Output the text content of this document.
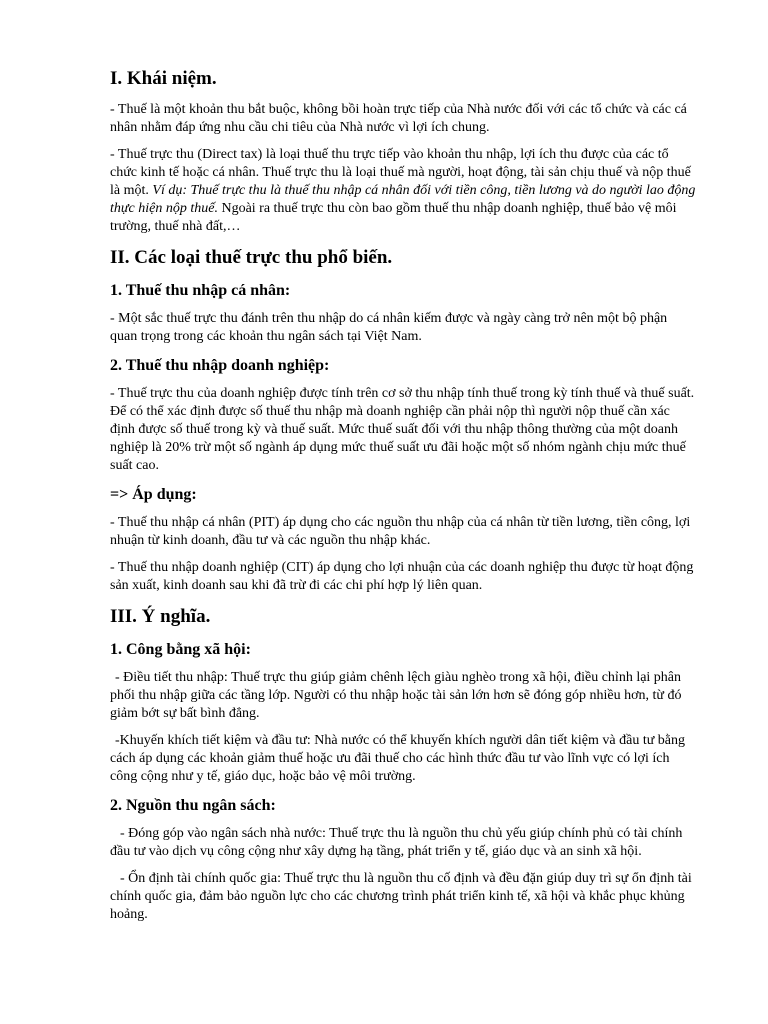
I. Khái niệm.

- Thuế là một khoản thu bắt buộc, không bồi hoàn trực tiếp của Nhà nước đối với các tổ chức và các cá nhân nhằm đáp ứng nhu cầu chi tiêu của Nhà nước vì lợi ích chung.

- Thuế trực thu (Direct tax) là loại thuế thu trực tiếp vào khoản thu nhập, lợi ích thu được của các tổ chức kinh tế hoặc cá nhân. Thuế trực thu là loại thuế mà người, hoạt động, tài sản chịu thuế và nộp thuế là một. Ví dụ: Thuế trực thu là thuế thu nhập cá nhân đối với tiền công, tiền lương và do người lao động thực hiện nộp thuế. Ngoài ra thuế trực thu còn bao gồm thuế thu nhập doanh nghiệp, thuế bảo vệ môi trường, thuế nhà đất,…

II. Các loại thuế trực thu phổ biến.
1. Thuế thu nhập cá nhân:

- Một sắc thuế trực thu đánh trên thu nhập do cá nhân kiếm được và ngày càng trở nên một bộ phận quan trọng trong các khoản thu ngân sách tại Việt Nam.

2. Thuế thu nhập doanh nghiệp:

- Thuế trực thu của doanh nghiệp được tính trên cơ sở thu nhập tính thuế trong kỳ tính thuế và thuế suất. Để có thể xác định được số thuế thu nhập mà doanh nghiệp cần phải nộp thì người nộp thuế cần xác định được số thuế trong kỳ và thuế suất. Mức thuế suất đối với thu nhập thông thường của một doanh nghiệp là 20% trừ một số ngành áp dụng mức thuế suất ưu đãi hoặc một số nhóm ngành chịu mức thuế suất cao.

=> Áp dụng:

- Thuế thu nhập cá nhân (PIT) áp dụng cho các nguồn thu nhập của cá nhân từ tiền lương, tiền công, lợi nhuận từ kinh doanh, đầu tư và các nguồn thu nhập khác.

- Thuế thu nhập doanh nghiệp (CIT) áp dụng cho lợi nhuận của các doanh nghiệp thu được từ hoạt động sản xuất, kinh doanh sau khi đã trừ đi các chi phí hợp lý liên quan.

III. Ý nghĩa.
1. Công bằng xã hội:

- Điều tiết thu nhập: Thuế trực thu giúp giảm chênh lệch giàu nghèo trong xã hội, điều chỉnh lại phân phối thu nhập giữa các tầng lớp. Người có thu nhập hoặc tài sản lớn hơn sẽ đóng góp nhiều hơn, từ đó giảm bớt sự bất bình đẳng.

-Khuyến khích tiết kiệm và đầu tư: Nhà nước có thể khuyến khích người dân tiết kiệm và đầu tư bằng cách áp dụng các khoản giảm thuế hoặc ưu đãi thuế cho các hình thức đầu tư vào lĩnh vực có lợi ích công cộng như y tế, giáo dục, hoặc bảo vệ môi trường.

2. Nguồn thu ngân sách:

- Đóng góp vào ngân sách nhà nước: Thuế trực thu là nguồn thu chủ yếu giúp chính phủ có tài chính đầu tư vào dịch vụ công cộng như xây dựng hạ tầng, phát triển y tế, giáo dục và an sinh xã hội.

- Ổn định tài chính quốc gia: Thuế trực thu là nguồn thu cố định và đều đặn giúp duy trì sự ổn định tài chính quốc gia, đảm bảo nguồn lực cho các chương trình phát triển kinh tế, xã hội và khắc phục khủng hoảng.
